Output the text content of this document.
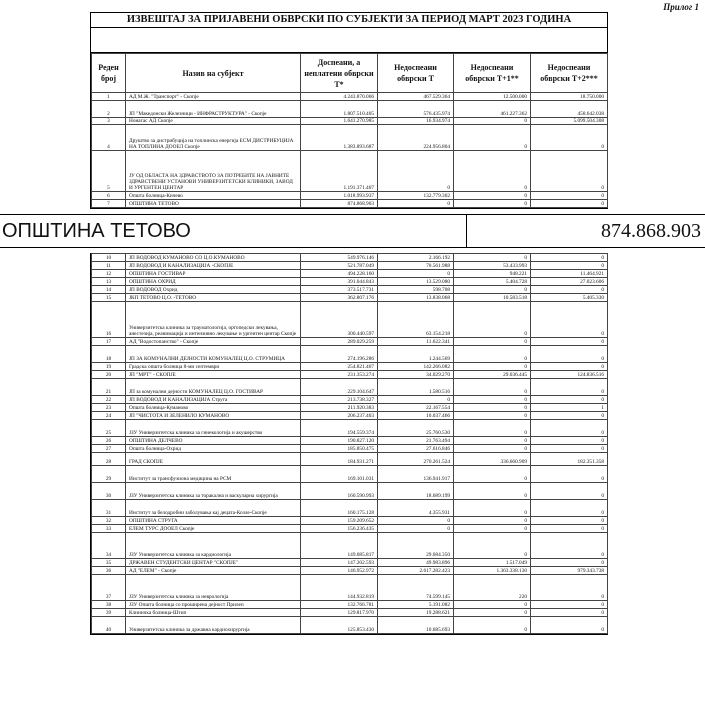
Прилог 1
ИЗВЕШТАЈ ЗА ПРИЈАВЕНИ ОБВРСКИ ПО СУБЈЕКТИ ЗА ПЕРИОД МАРТ 2023 ГОДИНА
Реден број	Назив на субјект	Доспеани, а неплатени обврски Т*	Недоспеани обврски Т	Недоспеани обврски Т+1**	Недоспеани обврски Т+2***
1	АД М.Ж. "Транспорт" - Скопје	4.243.870.066	467.529.364	12.500.000	18.750.000
2	ЈП "Македонски Железници - ИНФРАСТРУКТУРА" - Скопје	1.807.510.405	576.435.974	461.227.362	458.642.038
3	Нонагас АД Скопје	1.641.270.985	16.934.974	0	5.099.504.308
4	Друштво за дистрибуција на топлинска енергија ЕСМ ДИСТРИБУЦИЈА НА ТОПЛИНА ДООЕЛ Скопје	1.383.893.687	224.956.804	0	0
5	ЈУ ОД ОБЛАСТА НА ЗДРАВСТВОТО ЗА ПОТРЕБИТЕ НА ЈАВНИТЕ ЗДРАВСТВЕНИ УСТАНОВИ УНИВЕРЗИТЕТСКИ КЛИНИКИ, ЗАВОД И УРГЕНТЕН ЦЕНТАР	1.191.371.407	0	0	0
6	Општа болница-Кичево	1.018.993.937	132.779.302	0	0
7	ОПШТИНА ТЕТОВО	874.868.903	0	0	0
ОПШТИНА ТЕТОВО	874.868.903
10	ЈП ВОДОВОД КУМАНОВО СО Ц.О.КУМАНОВО	549.976.146	2.166.192	0	0
11	ЈП ВОДОВОД И КАНАЛИЗАЦИЈА -СКОПЈЕ	521.787.049	70.561.988	53.433.993	0
12	ОПШТИНА ГОСТИВАР	494.228.160	0	948.221	11.464.921
13	ОПШТИНА ОХРИД	391.044.843	13.529.080	5.404.728	27.023.606
14	ЈП ВОДОВОД Охрид	373.517.731	598.708	0	0
15	ЈКП ТЕТОВО Ц.О. -ТЕТОВО	362.807.176	13.838.068	10.583.518	5.405.330
16	Универзитетска клиника за трауматологија, ортопедски лекувања, анестезија, реанимација и интензивно лекување и ургентен центар Скопје	300.440.597	63.154.218	0	0
17	АД "Водостопанство" - Скопје	289.029.259	11.622.341	0	0
18	ЈП ЗА КОМУНАЛНИ ДЕЈНОСТИ КОМУНАЛЕЦ Ц.О. СТРУМИЦА	274.196.286	1.244.569	0	0
19	Градска општа болница 8-ми септември	254.821.407	142.266.082	0	0
20	ЈП "МРТ" - СКОПЈЕ	231.353.274	34.029.270	29.036.445	124.836.516
21	ЈП за комунални дејности КОМУНАЛЕЦ Ц.О. ГОСТИВАР	229.104.647	1.580.516	0	0
22	ЈП ВОДОВОД И КАНАЛИЗАЦИЈА Струга	213.738.327	0	0	0
23	Општа болница-Куманово	211.920.383	22.167.554	0	1
24	ЈП "ЧИСТОТА И ЗЕЛЕНИЛО КУМАНОВО	206.237.403	10.037.466	0	0
25	ЈЗУ Универзитетска клиника за гинекологија и акушерство	194.559.374	25.760.530	0	0
26	ОПШТИНА ДЕЛЧЕВО	190.827.120	21.763.494	0	0
27	Општа болница-Охрид	185.850.475	27.616.846	0	0
28	ГРАД СКОПЈЕ	184.931.271	270.261.524	336.660.909	182.351.358
29	Институт за трансфузиона медицина на РСМ	169.101.031	136.941.917	0	0
30	ЈЗУ Универзитетска клиника за торакална и васкуларна хирургија	160.590.993	18.689.199	0	0
31	Институт за белодробни заболувања кај децата-Козле-Скопје	160.175.128	4.355.931	0	0
32	ОПШТИНА СТРУГА	159.209.652	0	0	0
33	ЕЛЕМ ТУРС ДООЕЛ Скопје	156.236.435	0	0	0
34	ЈЗУ Универзитетска клиника за кардиологија	149.085.817	29.684.350	0	0
35	ДРЖАВЕН СТУДЕНТСКИ ЦЕНТАР "СКОПЈЕ"	147.202.593	49.983.896	1.517.049	0
36	АД "ЕЛЕМ" - Скопје	146.952.972	2.617.282.423	1.363.338.130	979.343.738
37	ЈЗУ Универзитетска клиника за неврологија	144.932.819	74.599.145	220	0
38	ЈЗУ Општа болница со проширена дејност Прилеп	132.766.781	5.191.082	0	0
39	Клиничка болница-Штип	129.817.970	19.288.621	0	0
40	Универзитетска клиника за државна кардиохирургија	125.853.430	10.685.693	0	0
